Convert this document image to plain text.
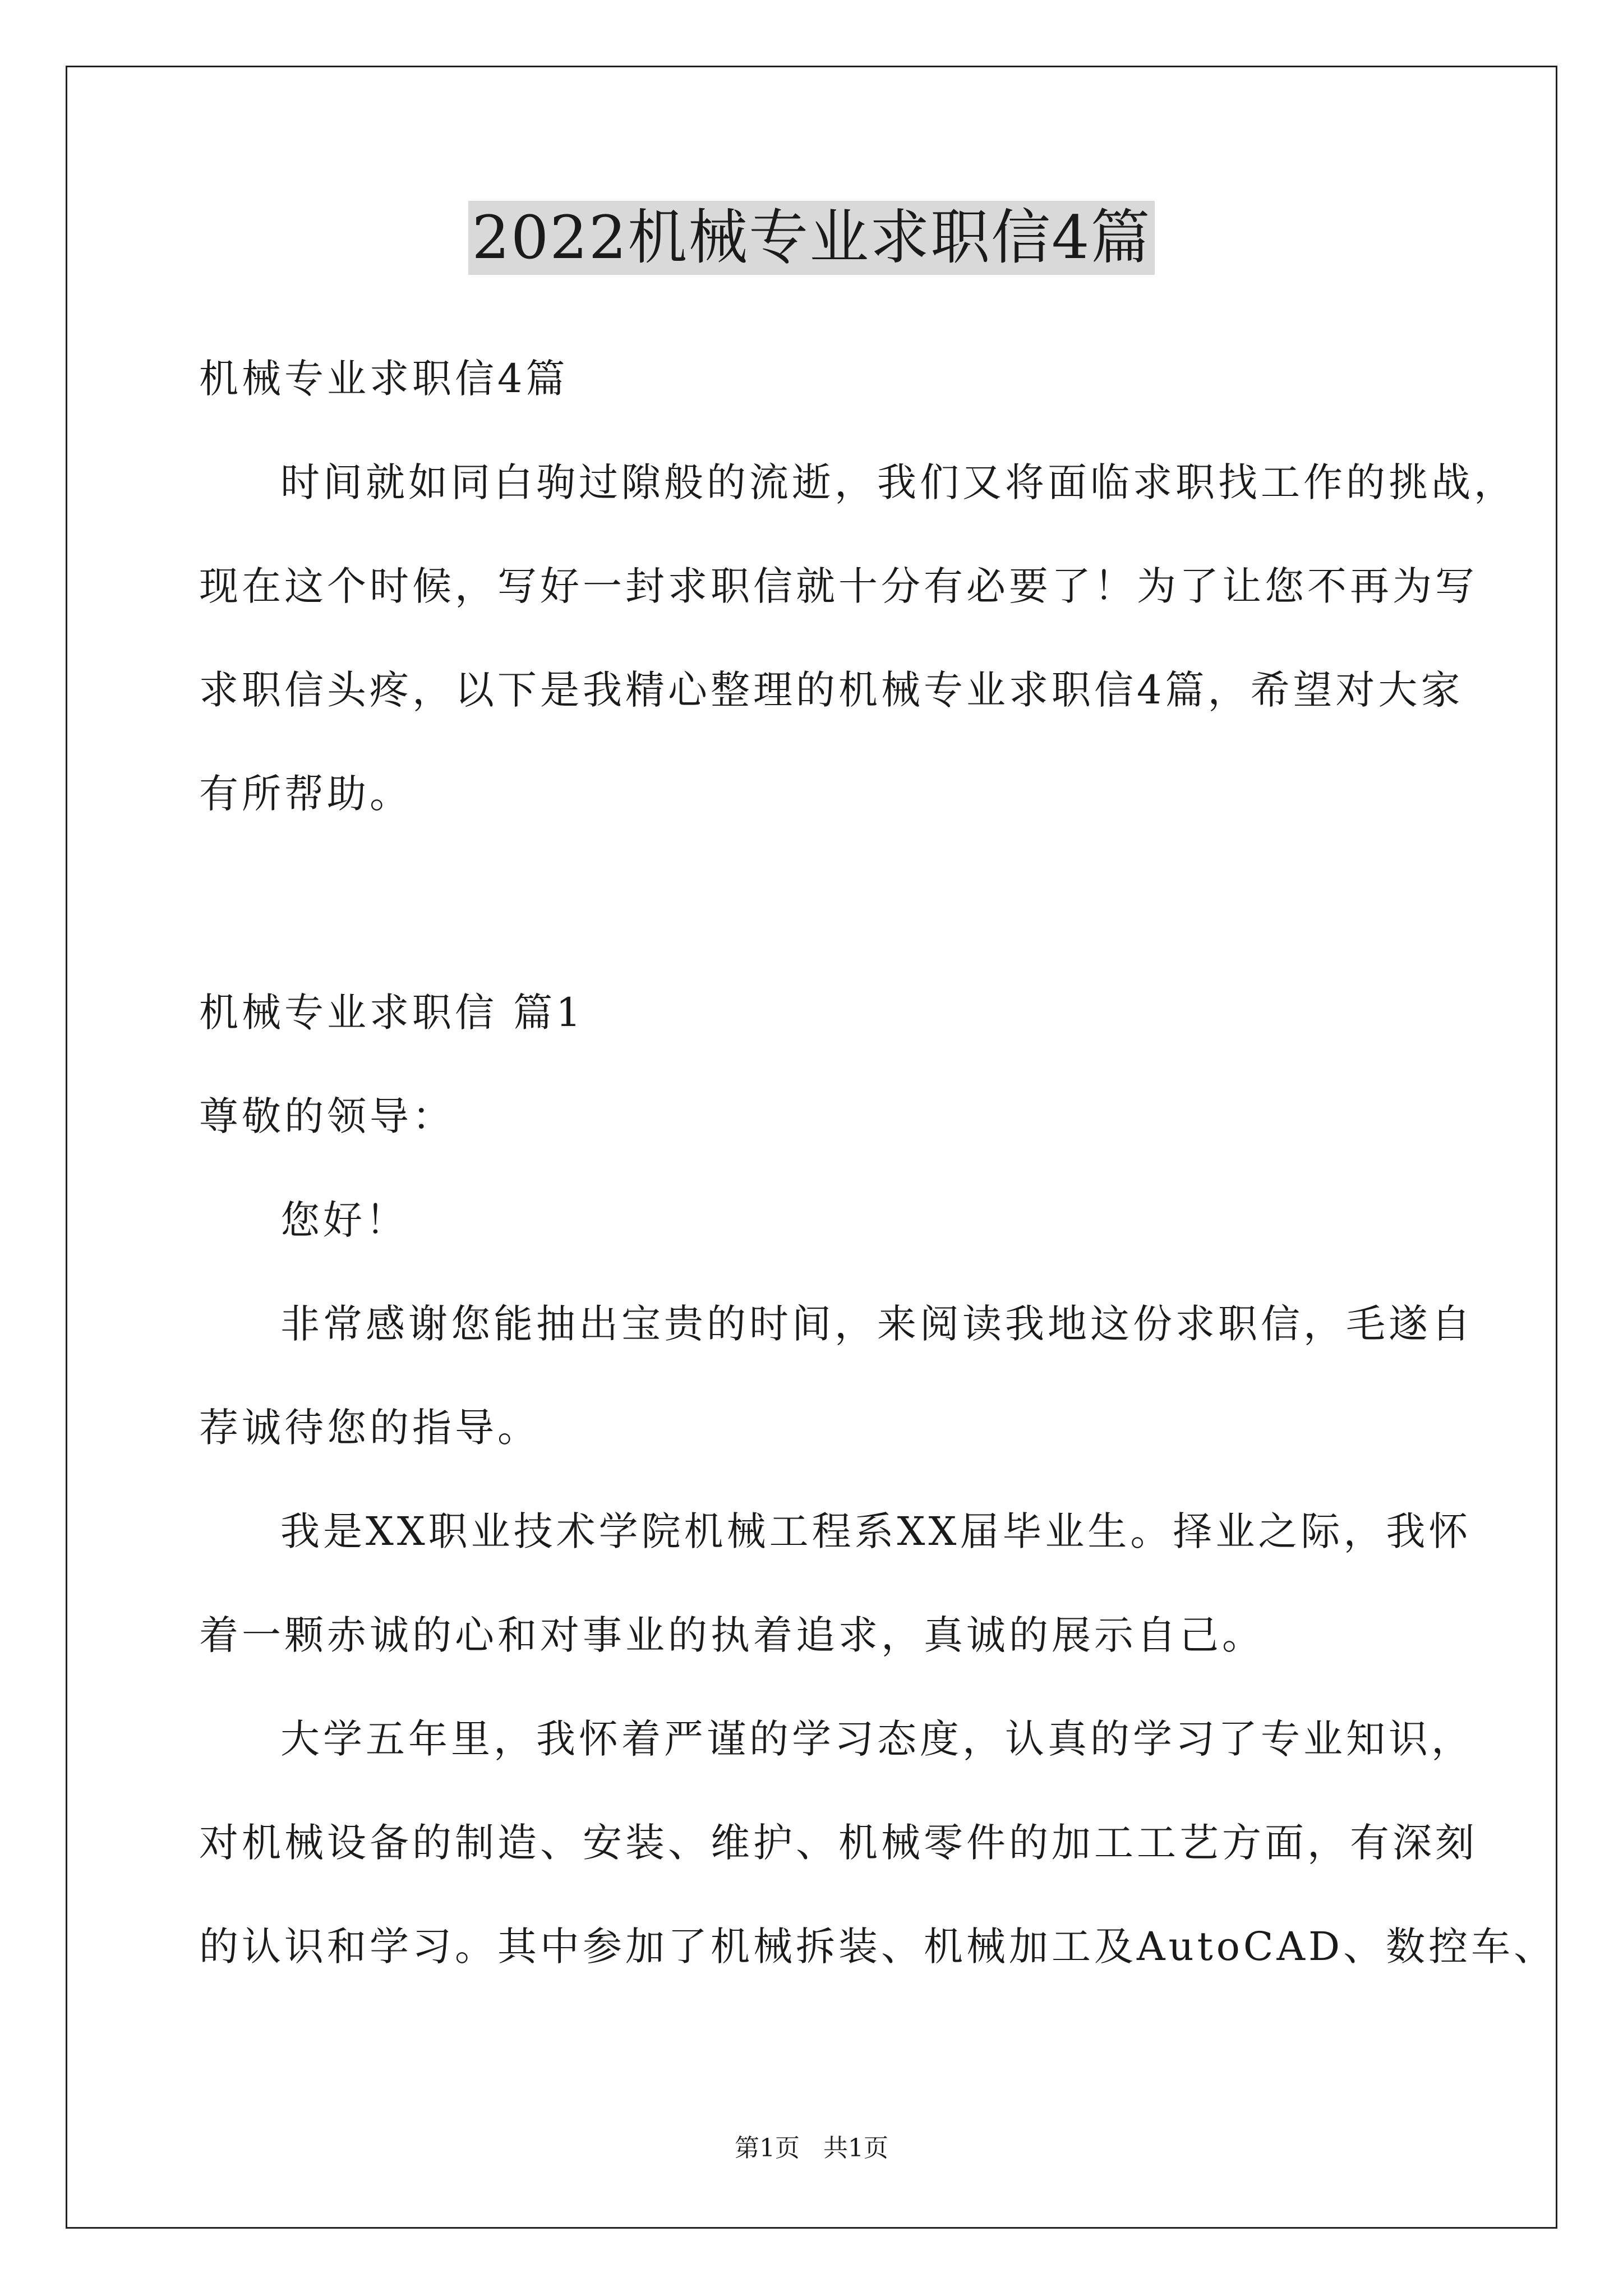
2022机械专业求职信4篇
机械专业求职信4篇
时间就如同白驹过隙般的流逝，我们又将面临求职找工作的挑战，
现在这个时候，写好一封求职信就十分有必要了！为了让您不再为写
求职信头疼，以下是我精心整理的机械专业求职信4篇，希望对大家
有所帮助。
机械专业求职信 篇1
尊敬的领导：
您好！
非常感谢您能抽出宝贵的时间，来阅读我地这份求职信，毛遂自
荐诚待您的指导。
我是XX职业技术学院机械工程系XX届毕业生。择业之际，我怀
着一颗赤诚的心和对事业的执着追求，真诚的展示自己。
大学五年里，我怀着严谨的学习态度，认真的学习了专业知识，
对机械设备的制造、安装、维护、机械零件的加工工艺方面，有深刻
的认识和学习。其中参加了机械拆装、机械加工及AutoCAD、数控车、
第1页   共1页
